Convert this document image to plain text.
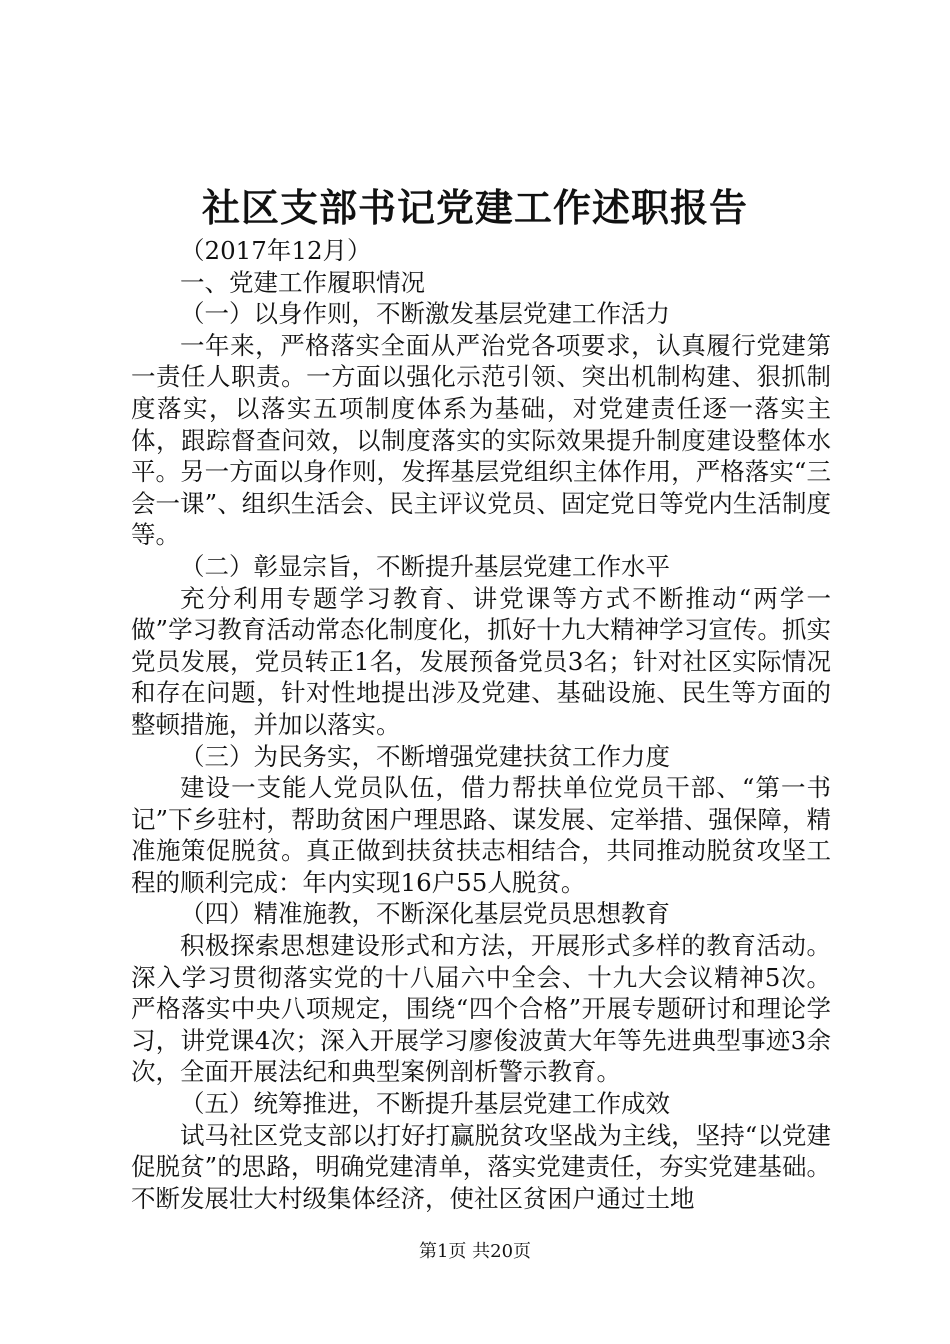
社区支部书记党建工作述职报告

（2017年12月）

一、党建工作履职情况

（一）以身作则，不断激发基层党建工作活力

一年来，严格落实全面从严治党各项要求，认真履行党建第一责任人职责。一方面以强化示范引领、突出机制构建、狠抓制度落实，以落实五项制度体系为基础，对党建责任逐一落实主体，跟踪督查问效，以制度落实的实际效果提升制度建设整体水平。另一方面以身作则，发挥基层党组织主体作用，严格落实“三会一课”、组织生活会、民主评议党员、固定党日等党内生活制度等。

（二）彰显宗旨，不断提升基层党建工作水平

充分利用专题学习教育、讲党课等方式不断推动“两学一做”学习教育活动常态化制度化，抓好十九大精神学习宣传。抓实党员发展，党员转正1名，发展预备党员3名；针对社区实际情况和存在问题，针对性地提出涉及党建、基础设施、民生等方面的整顿措施，并加以落实。

（三）为民务实，不断增强党建扶贫工作力度

建设一支能人党员队伍，借力帮扶单位党员干部、“第一书记”下乡驻村，帮助贫困户理思路、谋发展、定举措、强保障，精准施策促脱贫。真正做到扶贫扶志相结合，共同推动脱贫攻坚工程的顺利完成：年内实现16户55人脱贫。

（四）精准施教，不断深化基层党员思想教育

积极探索思想建设形式和方法，开展形式多样的教育活动。深入学习贯彻落实党的十八届六中全会、十九大会议精神5次。严格落实中央八项规定，围绕“四个合格”开展专题研讨和理论学习，讲党课4次；深入开展学习廖俊波黄大年等先进典型事迹3余次，全面开展法纪和典型案例剖析警示教育。

（五）统筹推进，不断提升基层党建工作成效

试马社区党支部以打好打赢脱贫攻坚战为主线，坚持“以党建促脱贫”的思路，明确党建清单，落实党建责任，夯实党建基础。不断发展壮大村级集体经济，使社区贫困户通过土地

第1页 共20页
